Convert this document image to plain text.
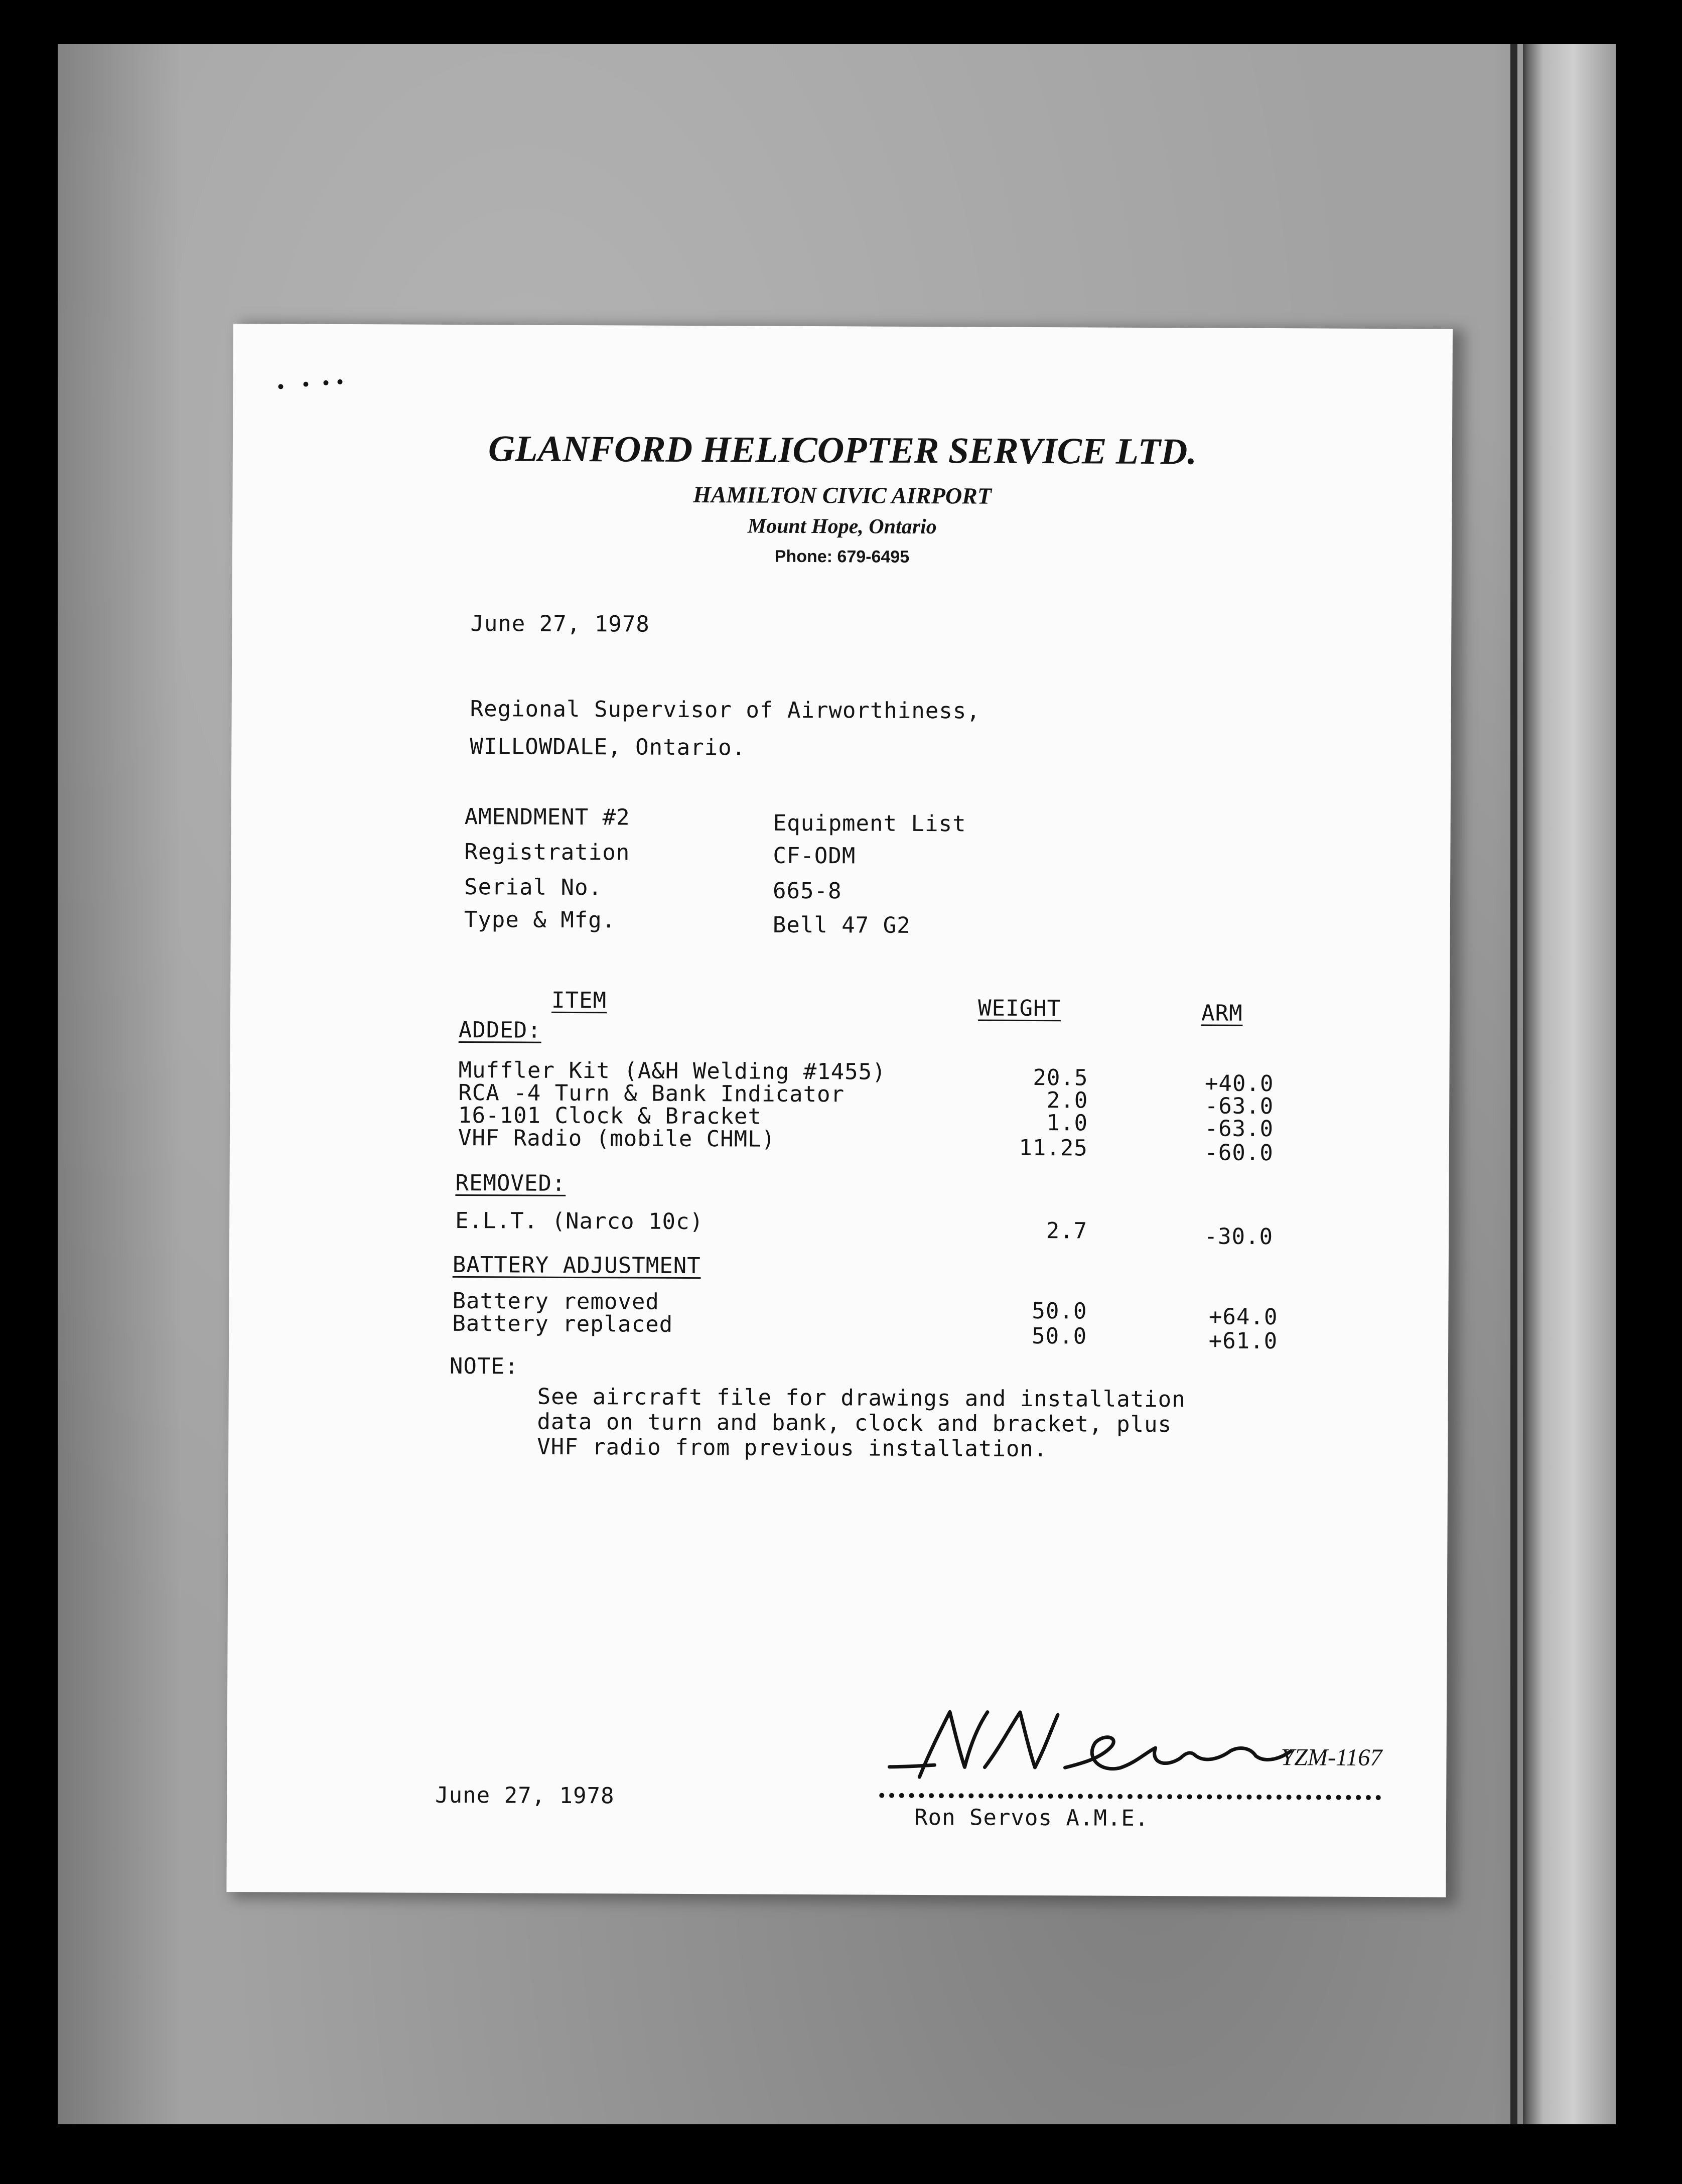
GLANFORD HELICOPTER SERVICE LTD.
HAMILTON CIVIC AIRPORT
Mount Hope, Ontario
Phone: 679-6495
June 27, 1978
Regional Supervisor of Airworthiness,
WILLOWDALE, Ontario.
AMENDMENT #2	Equipment List
Registration	CF-ODM
Serial No.	665-8
Type & Mfg.	Bell 47 G2
ITEM	WEIGHT	ARM
ADDED:
Muffler Kit (A&H Welding #1455)	20.5	+40.0
RCA -4 Turn & Bank Indicator	2.0	-63.0
16-101 Clock & Bracket	1.0	-63.0
VHF Radio (mobile CHML)	11.25	-60.0
REMOVED:
E.L.T. (Narco 10c)	2.7	-30.0
BATTERY ADJUSTMENT
Battery removed	50.0	+64.0
Battery replaced	50.0	+61.0
NOTE:
See aircraft file for drawings and installation
data on turn and bank, clock and bracket, plus
VHF radio from previous installation.
June 27, 1978
YZM-1167
Ron Servos A.M.E.
